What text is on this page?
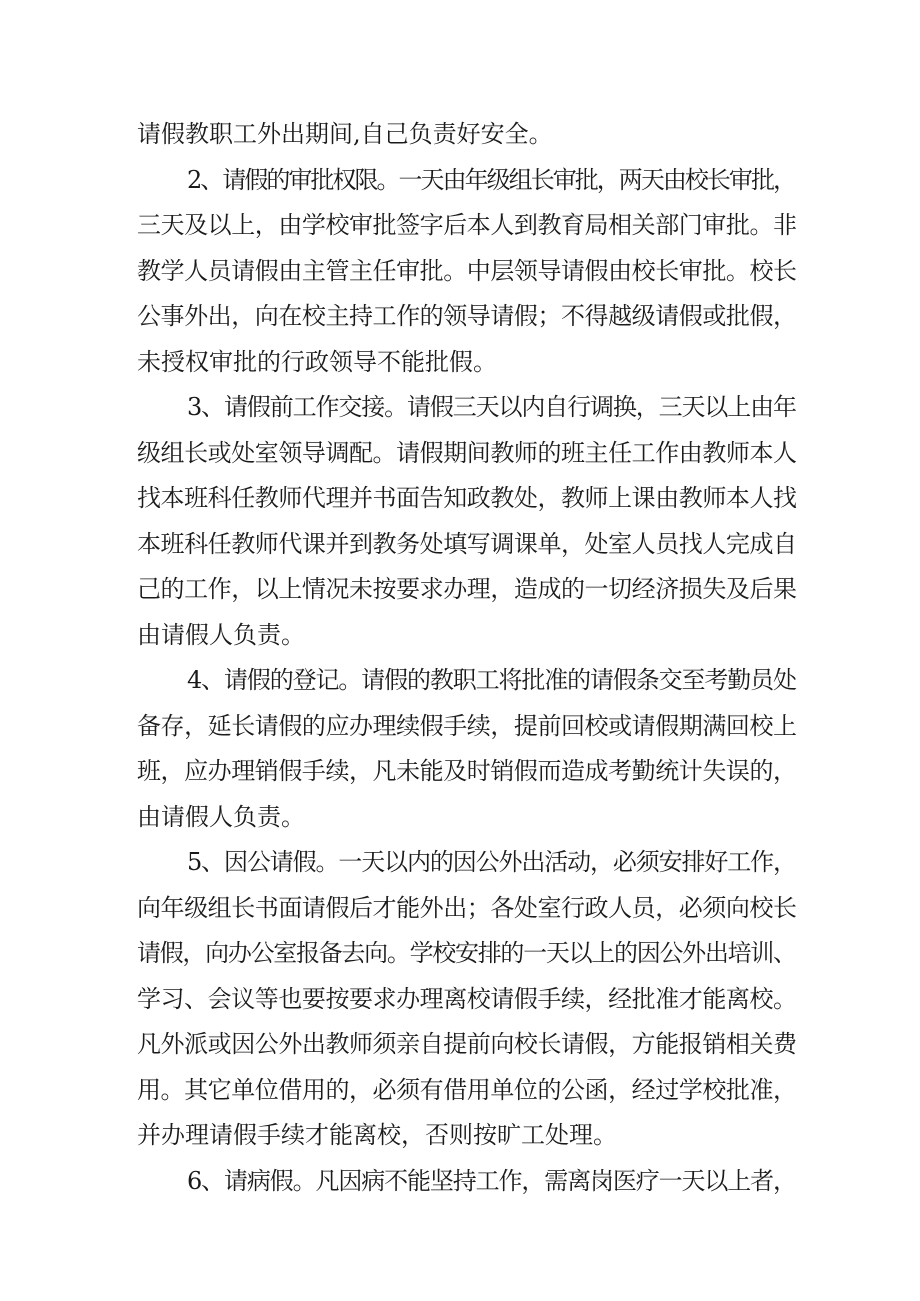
请假教职工外出期间,自己负责好安全。
2、请假的审批权限。一天由年级组长审批，两天由校长审批，
三天及以上，由学校审批签字后本人到教育局相关部门审批。非
教学人员请假由主管主任审批。中层领导请假由校长审批。校长
公事外出，向在校主持工作的领导请假；不得越级请假或批假，
未授权审批的行政领导不能批假。
3、请假前工作交接。请假三天以内自行调换，三天以上由年
级组长或处室领导调配。请假期间教师的班主任工作由教师本人
找本班科任教师代理并书面告知政教处，教师上课由教师本人找
本班科任教师代课并到教务处填写调课单，处室人员找人完成自
己的工作，以上情况未按要求办理，造成的一切经济损失及后果
由请假人负责。
4、请假的登记。请假的教职工将批准的请假条交至考勤员处
备存，延长请假的应办理续假手续，提前回校或请假期满回校上
班，应办理销假手续，凡未能及时销假而造成考勤统计失误的，
由请假人负责。
5、因公请假。一天以内的因公外出活动，必须安排好工作，
向年级组长书面请假后才能外出；各处室行政人员，必须向校长
请假，向办公室报备去向。学校安排的一天以上的因公外出培训、
学习、会议等也要按要求办理离校请假手续，经批准才能离校。
凡外派或因公外出教师须亲自提前向校长请假，方能报销相关费
用。其它单位借用的，必须有借用单位的公函，经过学校批准，
并办理请假手续才能离校，否则按旷工处理。
6、请病假。凡因病不能坚持工作，需离岗医疗一天以上者，
